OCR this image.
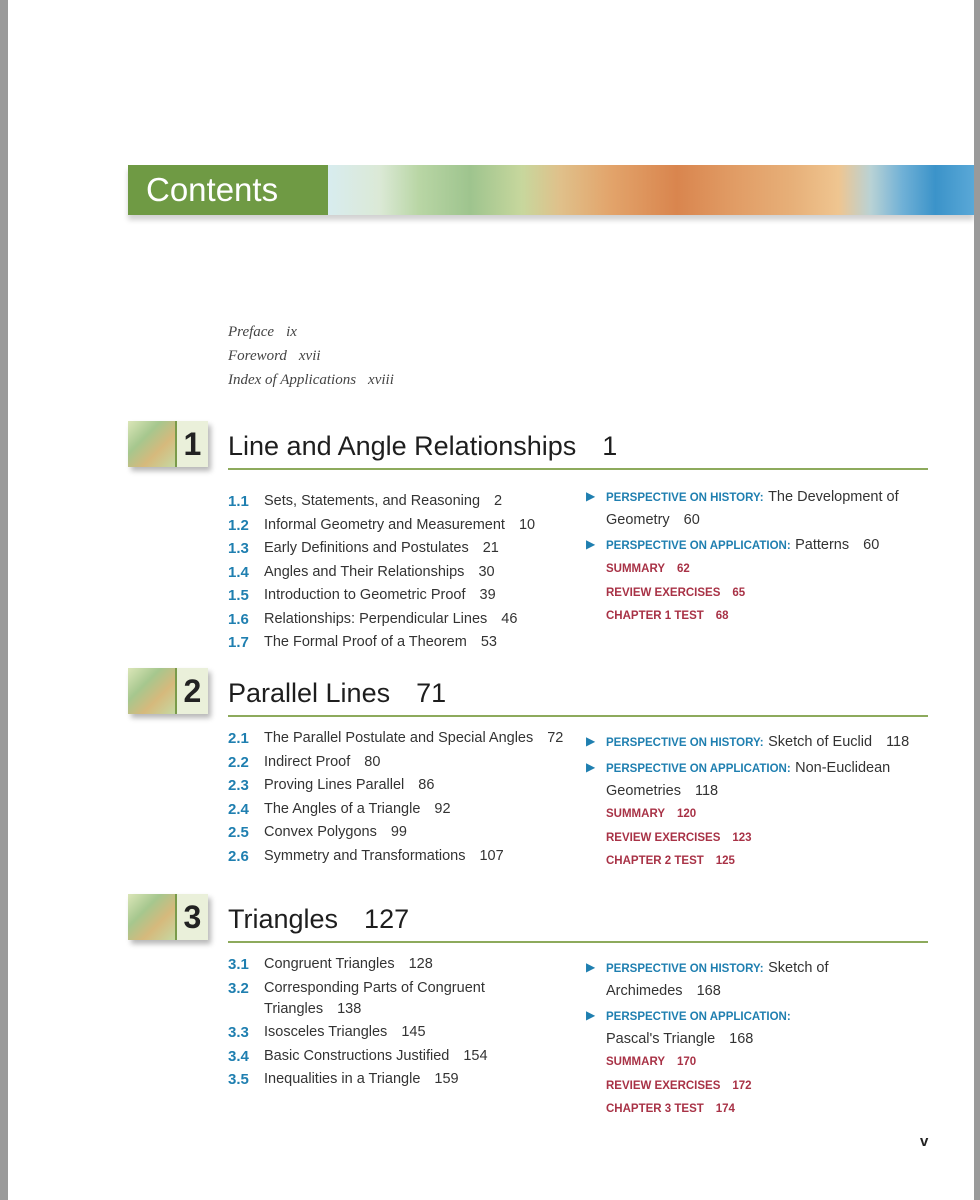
Contents
Preface ix
Foreword xvii
Index of Applications xviii
1 Line and Angle Relationships 1
1.1	Sets, Statements, and Reasoning 2
1.2	Informal Geometry and Measurement 10
1.3	Early Definitions and Postulates 21
1.4	Angles and Their Relationships 30
1.5	Introduction to Geometric Proof 39
1.6	Relationships: Perpendicular Lines 46
1.7	The Formal Proof of a Theorem 53
▶ PERSPECTIVE ON HISTORY: The Development of Geometry 60
▶ PERSPECTIVE ON APPLICATION: Patterns 60
SUMMARY 62
REVIEW EXERCISES 65
CHAPTER 1 TEST 68
2 Parallel Lines 71
2.1	The Parallel Postulate and Special Angles 72
2.2	Indirect Proof 80
2.3	Proving Lines Parallel 86
2.4	The Angles of a Triangle 92
2.5	Convex Polygons 99
2.6	Symmetry and Transformations 107
▶ PERSPECTIVE ON HISTORY: Sketch of Euclid 118
▶ PERSPECTIVE ON APPLICATION: Non-Euclidean Geometries 118
SUMMARY 120
REVIEW EXERCISES 123
CHAPTER 2 TEST 125
3 Triangles 127
3.1	Congruent Triangles 128
3.2	Corresponding Parts of Congruent Triangles 138
3.3	Isosceles Triangles 145
3.4	Basic Constructions Justified 154
3.5	Inequalities in a Triangle 159
▶ PERSPECTIVE ON HISTORY: Sketch of Archimedes 168
▶ PERSPECTIVE ON APPLICATION: Pascal's Triangle 168
SUMMARY 170
REVIEW EXERCISES 172
CHAPTER 3 TEST 174
v
